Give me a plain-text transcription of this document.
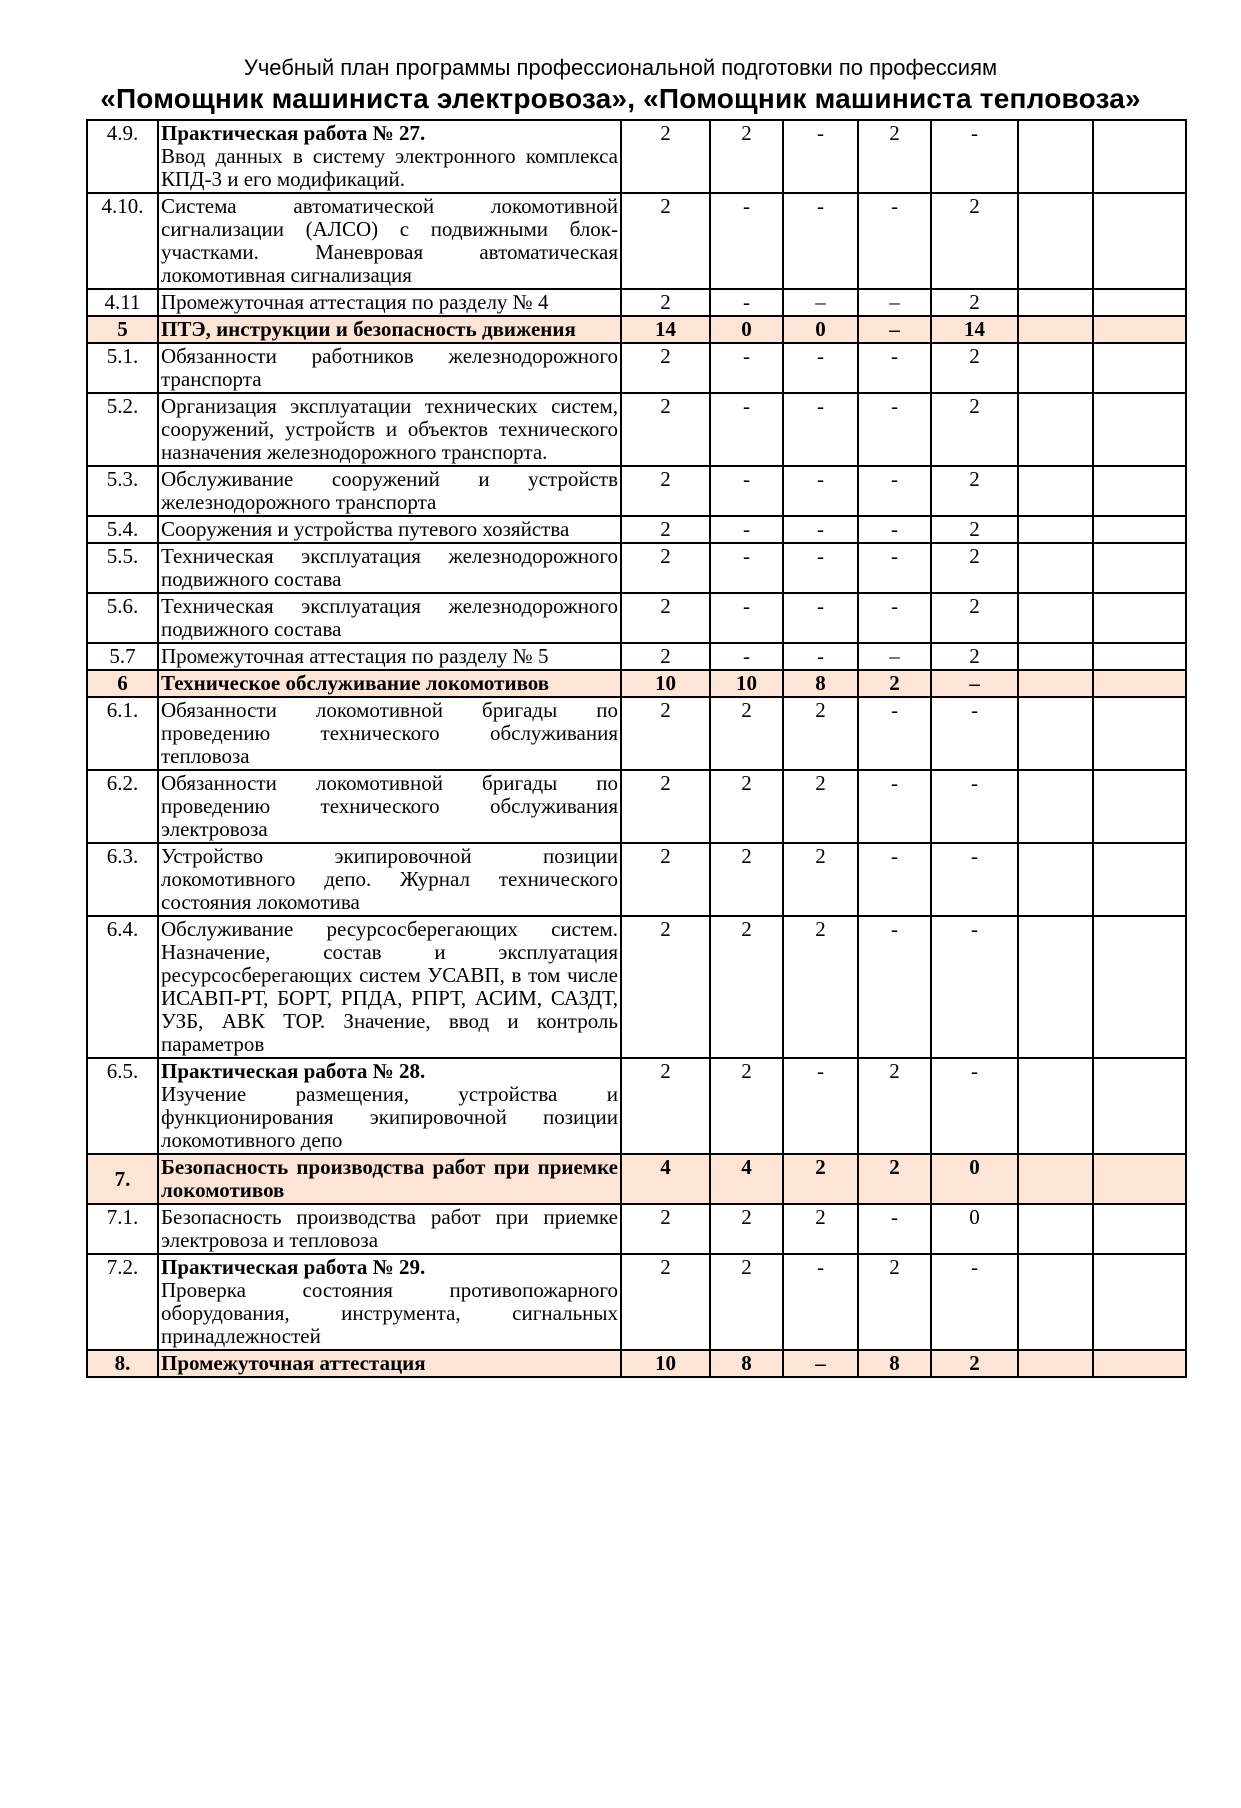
Учебный план программы профессиональной подготовки по профессиям
«Помощник машиниста электровоза», «Помощник машиниста тепловоза»
4.9.	Практическая работа № 27.
Ввод данных в систему электронного комплекса КПД-3 и его модификаций.	2	2	-	2	-		
4.10.	Система автоматической локомотивной сигнализации (АЛСО) с подвижными блок-участками. Маневровая автоматическая локомотивная сигнализация	2	-	-	-	2		
4.11	Промежуточная аттестация по разделу № 4	2	-	–	–	2		
5	ПТЭ, инструкции и безопасность движения	14	0	0	–	14		
5.1.	Обязанности работников железнодорожного транспорта	2	-	-	-	2		
5.2.	Организация эксплуатации технических систем, сооружений, устройств и объектов технического назначения железнодорожного транспорта.	2	-	-	-	2		
5.3.	Обслуживание сооружений и устройств железнодорожного транспорта	2	-	-	-	2		
5.4.	Сооружения и устройства путевого хозяйства	2	-	-	-	2		
5.5.	Техническая эксплуатация железнодорожного подвижного состава	2	-	-	-	2		
5.6.	Техническая эксплуатация железнодорожного подвижного состава	2	-	-	-	2		
5.7	Промежуточная аттестация по разделу № 5	2	-	-	–	2		
6	Техническое обслуживание локомотивов	10	10	8	2	–		
6.1.	Обязанности локомотивной бригады по проведению технического обслуживания тепловоза	2	2	2	-	-		
6.2.	Обязанности локомотивной бригады по проведению технического обслуживания электровоза	2	2	2	-	-		
6.3.	Устройство экипировочной позиции локомотивного депо. Журнал технического состояния локомотива	2	2	2	-	-		
6.4.	Обслуживание ресурсосберегающих систем. Назначение, состав и эксплуатация ресурсосберегающих систем УСАВП, в том числе ИСАВП-РТ, БОРТ, РПДА, РПРТ, АСИМ, САЗДТ, УЗБ, АВК ТОР. Значение, ввод и контроль параметров	2	2	2	-	-		
6.5.	Практическая работа № 28.
Изучение размещения, устройства и функционирования экипировочной позиции локомотивного депо	2	2	-	2	-		
7.	Безопасность производства работ при приемке локомотивов	4	4	2	2	0		
7.1.	Безопасность производства работ при приемке электровоза и тепловоза	2	2	2	-	0		
7.2.	Практическая работа № 29.
Проверка состояния противопожарного оборудования, инструмента, сигнальных принадлежностей	2	2	-	2	-		
8.	Промежуточная аттестация	10	8	–	8	2		
